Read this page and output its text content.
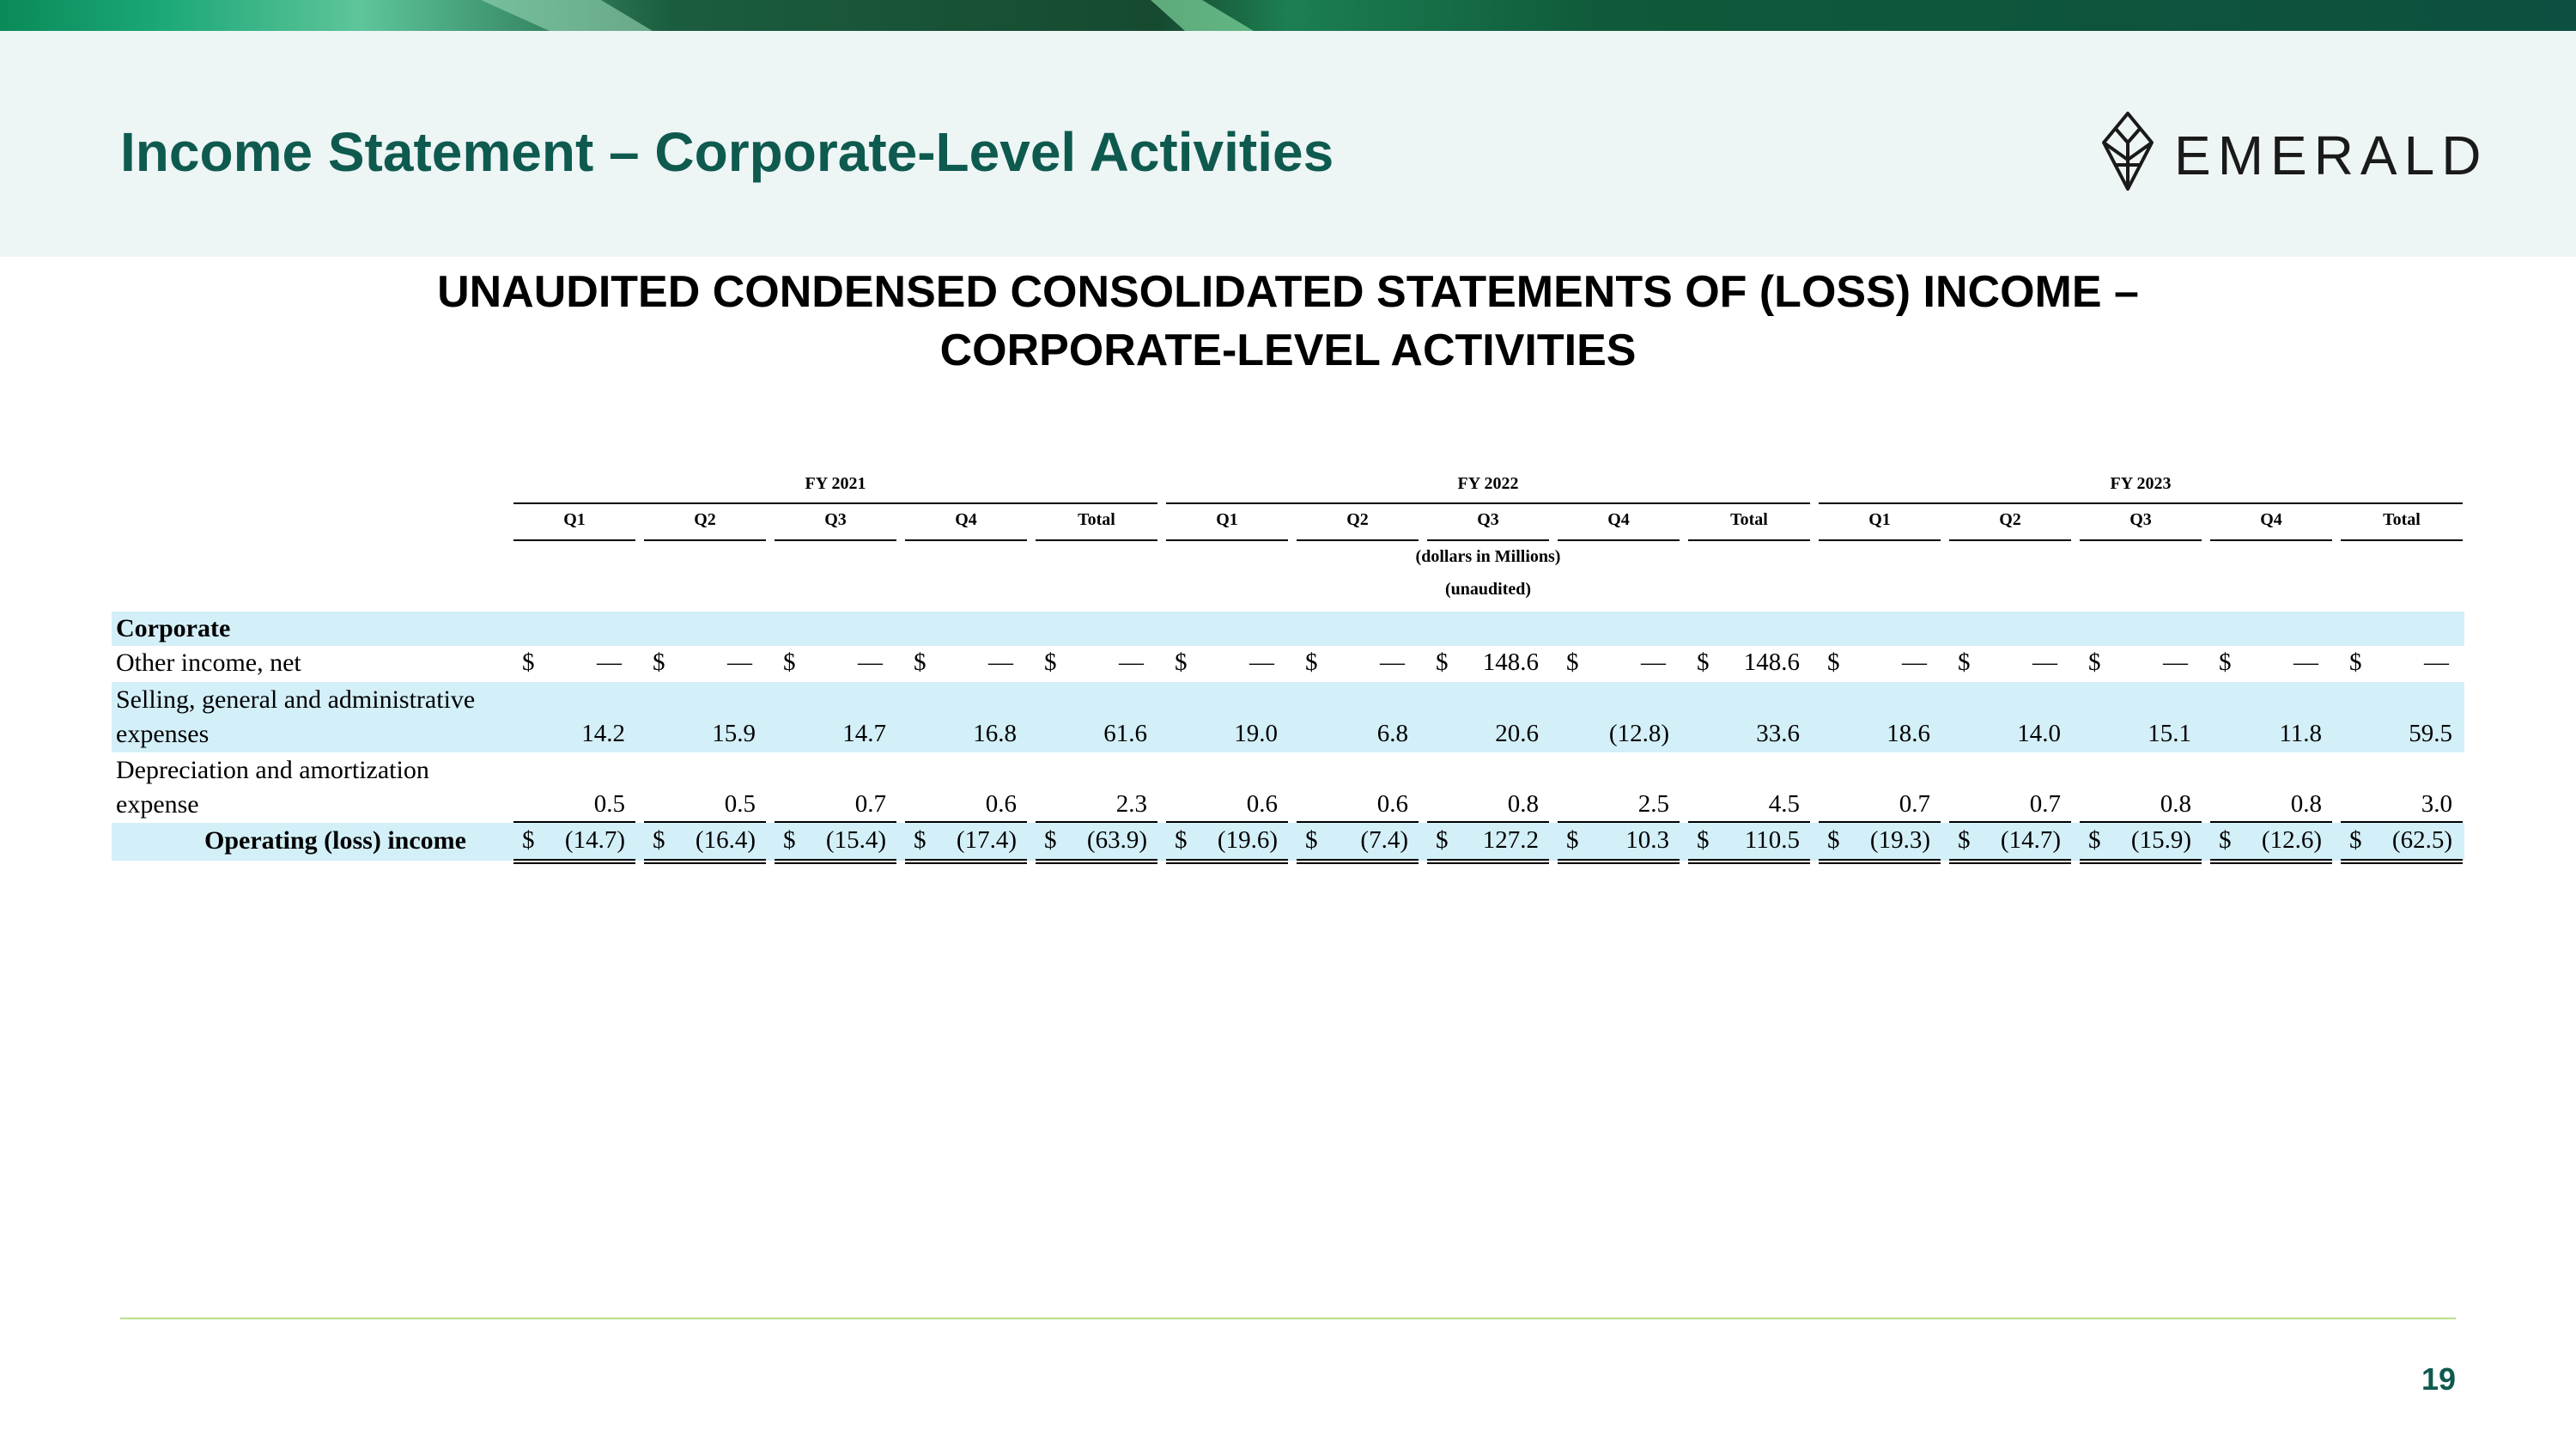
Income Statement – Corporate-Level Activities	EMERALD
UNAUDITED CONDENSED CONSOLIDATED STATEMENTS OF (LOSS) INCOME –
CORPORATE-LEVEL ACTIVITIES
FY 2021	FY 2022	FY 2023
Q1	Q2	Q3	Q4	Total	Q1	Q2	Q3	Q4	Total	Q1	Q2	Q3	Q4	Total
(dollars in Millions)
(unaudited)
Corporate
Other income, net	$	— $	— $	— $	— $	— $	— $	— $	148.6 $	— $	148.6 $	— $	— $	— $	— $	—
Selling, general and administrative
expenses	14.2	15.9	14.7	16.8	61.6	19.0	6.8	20.6	(12.8)	33.6	18.6	14.0	15.1	11.8	59.5
Depreciation and amortization
expense	0.5	0.5	0.7	0.6	2.3	0.6	0.6	0.8	2.5	4.5	0.7	0.7	0.8	0.8	3.0
Operating (loss) income $	(14.7) $	(16.4) $	(15.4) $	(17.4) $	(63.9) $	(19.6) $	(7.4) $	127.2 $	10.3 $	110.5 $	(19.3) $	(14.7) $	(15.9) $	(12.6) $	(62.5)
19
